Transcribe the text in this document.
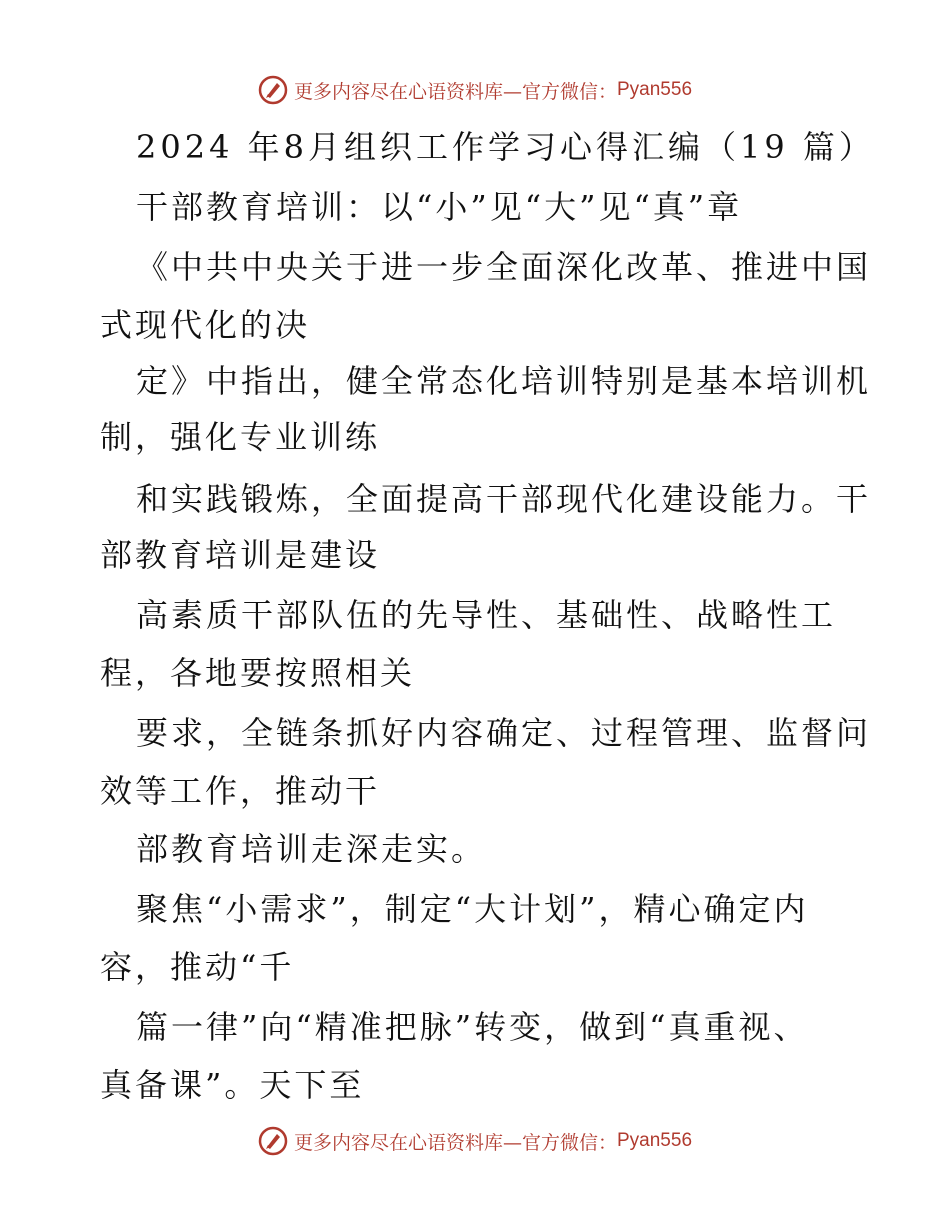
更多内容尽在心语资料库—官方微信： Pyan556
2024 年8月组织工作学习心得汇编（19 篇）
干部教育培训：以“小”见“大”见“真”章
《中共中央关于进一步全面深化改革、推进中国
式现代化的决
定》中指出，健全常态化培训特别是基本培训机
制，强化专业训练
和实践锻炼，全面提高干部现代化建设能力。干
部教育培训是建设
高素质干部队伍的先导性、基础性、战略性工
程，各地要按照相关
要求，全链条抓好内容确定、过程管理、监督问
效等工作，推动干
部教育培训走深走实。
聚焦“小需求”，制定“大计划”，精心确定内
容，推动“千
篇一律”向“精准把脉”转变，做到“真重视、
真备课”。天下至
更多内容尽在心语资料库—官方微信： Pyan556
